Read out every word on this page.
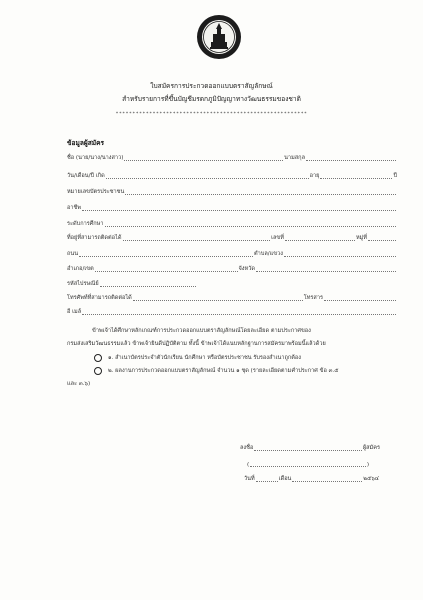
ใบสมัครการประกวดออกแบบตราสัญลักษณ์
สำหรับรายการที่ขึ้นบัญชีมรดกภูมิปัญญาทางวัฒนธรรมของชาติ
*********************************************************
ข้อมูลผู้สมัคร
ชื่อ (นาย/นาง/นางสาว)	นามสกุล
วัน/เดือน/ปี เกิด	อายุ	ปี
หมายเลขบัตรประชาชน
อาชีพ
ระดับการศึกษา
ที่อยู่ที่สามารถติดต่อได้	เลขที่	หมู่ที่
ถนน	ตำบล/แขวง
อำเภอ/เขต	จังหวัด
รหัสไปรษณีย์
โทรศัพท์ที่สามารถติดต่อได้	โทรสาร
อี เมล์
ข้าพเจ้าได้ศึกษาหลักเกณฑ์การประกวดออกแบบตราสัญลักษณ์โดยละเอียด ตามประกาศของ
กรมส่งเสริมวัฒนธรรมแล้ว ข้าพเจ้ายินดีปฏิบัติตาม ทั้งนี้ ข้าพเจ้าได้แนบหลักฐานการสมัครมาพร้อมนี้แล้วด้วย
๑. สำเนาบัตรประจำตัวนักเรียน นักศึกษา หรือบัตรประชาชน รับรองสำเนาถูกต้อง
๒. ผลงานการประกวดออกแบบตราสัญลักษณ์ จำนวน ๑ ชุด (รายละเอียดตามคำประกาศ ข้อ ๓.๕
และ ๓.๖)
ลงชื่อ	ผู้สมัคร
(	)
วันที่	เดือน	๒๕๖๔
